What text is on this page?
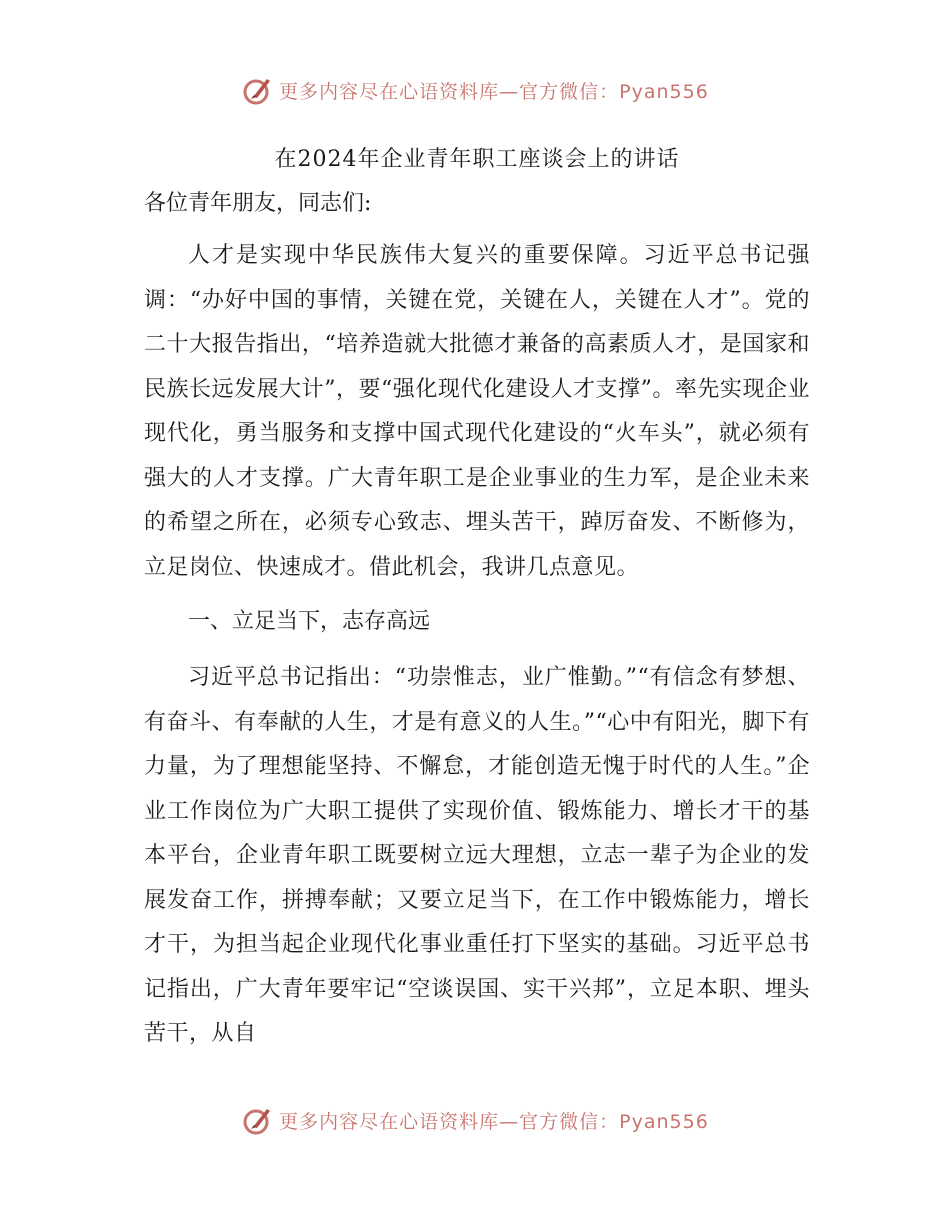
更多内容尽在心语资料库—官方微信：Pyan556
在2024年企业青年职工座谈会上的讲话

各位青年朋友，同志们:

人才是实现中华民族伟大复兴的重要保障。习近平总书记强调：“办好中国的事情，关键在党，关键在人，关键在人才”。党的二十大报告指出，“培养造就大批德才兼备的高素质人才，是国家和民族长远发展大计”，要“强化现代化建设人才支撑”。率先实现企业现代化，勇当服务和支撑中国式现代化建设的“火车头”，就必须有强大的人才支撑。广大青年职工是企业事业的生力军，是企业未来的希望之所在，必须专心致志、埋头苦干，踔厉奋发、不断修为，立足岗位、快速成才。借此机会，我讲几点意见。

一、立足当下，志存高远

习近平总书记指出：“功崇惟志，业广惟勤。”“有信念有梦想、有奋斗、有奉献的人生，才是有意义的人生。”“心中有阳光，脚下有力量，为了理想能坚持、不懈怠，才能创造无愧于时代的人生。”企业工作岗位为广大职工提供了实现价值、锻炼能力、增长才干的基本平台，企业青年职工既要树立远大理想，立志一辈子为企业的发展发奋工作，拼搏奉献；又要立足当下，在工作中锻炼能力，增长才干，为担当起企业现代化事业重任打下坚实的基础。习近平总书记指出，广大青年要牢记“空谈误国、实干兴邦”，立足本职、埋头苦干，从自

更多内容尽在心语资料库—官方微信：Pyan556
